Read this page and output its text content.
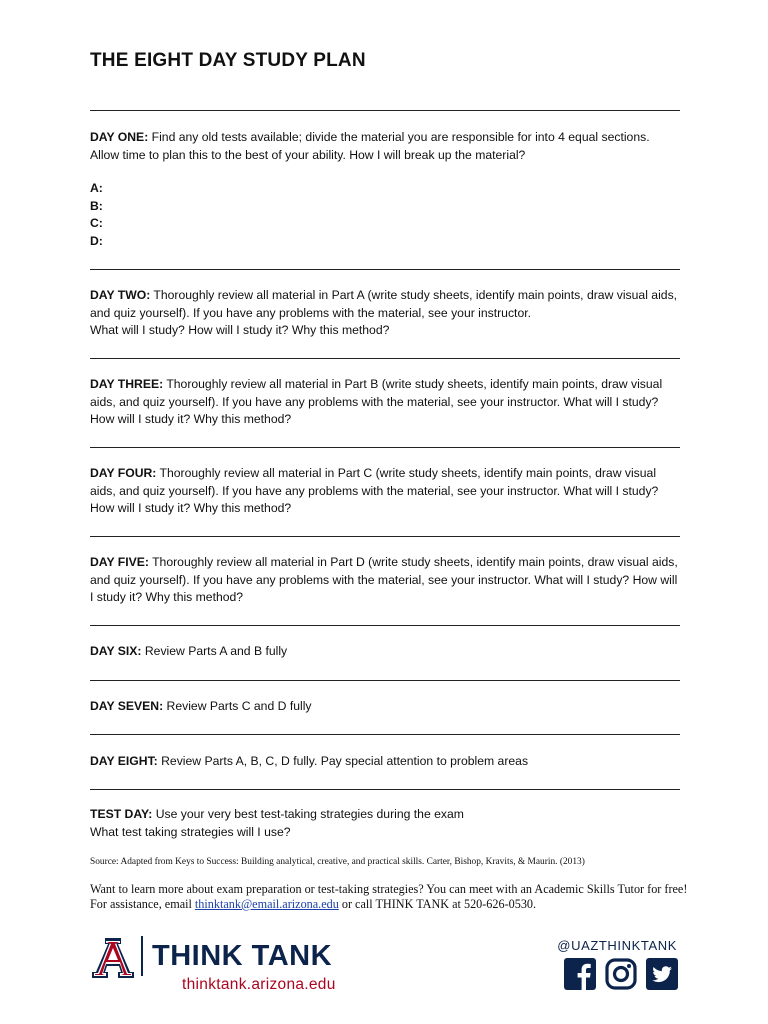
THE EIGHT DAY STUDY PLAN
DAY ONE: Find any old tests available; divide the material you are responsible for into 4 equal sections. Allow time to plan this to the best of your ability. How I will break up the material?
A:
B:
C:
D:
DAY TWO: Thoroughly review all material in Part A (write study sheets, identify main points, draw visual aids, and quiz yourself). If you have any problems with the material, see your instructor.
What will I study? How will I study it? Why this method?
DAY THREE: Thoroughly review all material in Part B (write study sheets, identify main points, draw visual aids, and quiz yourself). If you have any problems with the material, see your instructor. What will I study? How will I study it? Why this method?
DAY FOUR: Thoroughly review all material in Part C (write study sheets, identify main points, draw visual aids, and quiz yourself). If you have any problems with the material, see your instructor. What will I study? How will I study it? Why this method?
DAY FIVE: Thoroughly review all material in Part D (write study sheets, identify main points, draw visual aids, and quiz yourself). If you have any problems with the material, see your instructor. What will I study? How will I study it? Why this method?
DAY SIX: Review Parts A and B fully
DAY SEVEN: Review Parts C and D fully
DAY EIGHT: Review Parts A, B, C, D fully. Pay special attention to problem areas
TEST DAY: Use your very best test-taking strategies during the exam
What test taking strategies will I use?
Source: Adapted from Keys to Success: Building analytical, creative, and practical skills. Carter, Bishop, Kravits, & Maurin. (2013)
Want to learn more about exam preparation or test-taking strategies? You can meet with an Academic Skills Tutor for free! For assistance, email thinktank@email.arizona.edu or call THINK TANK at 520-626-0530.
THINK TANK
thinktank.arizona.edu
@UAZTHINKTANK
